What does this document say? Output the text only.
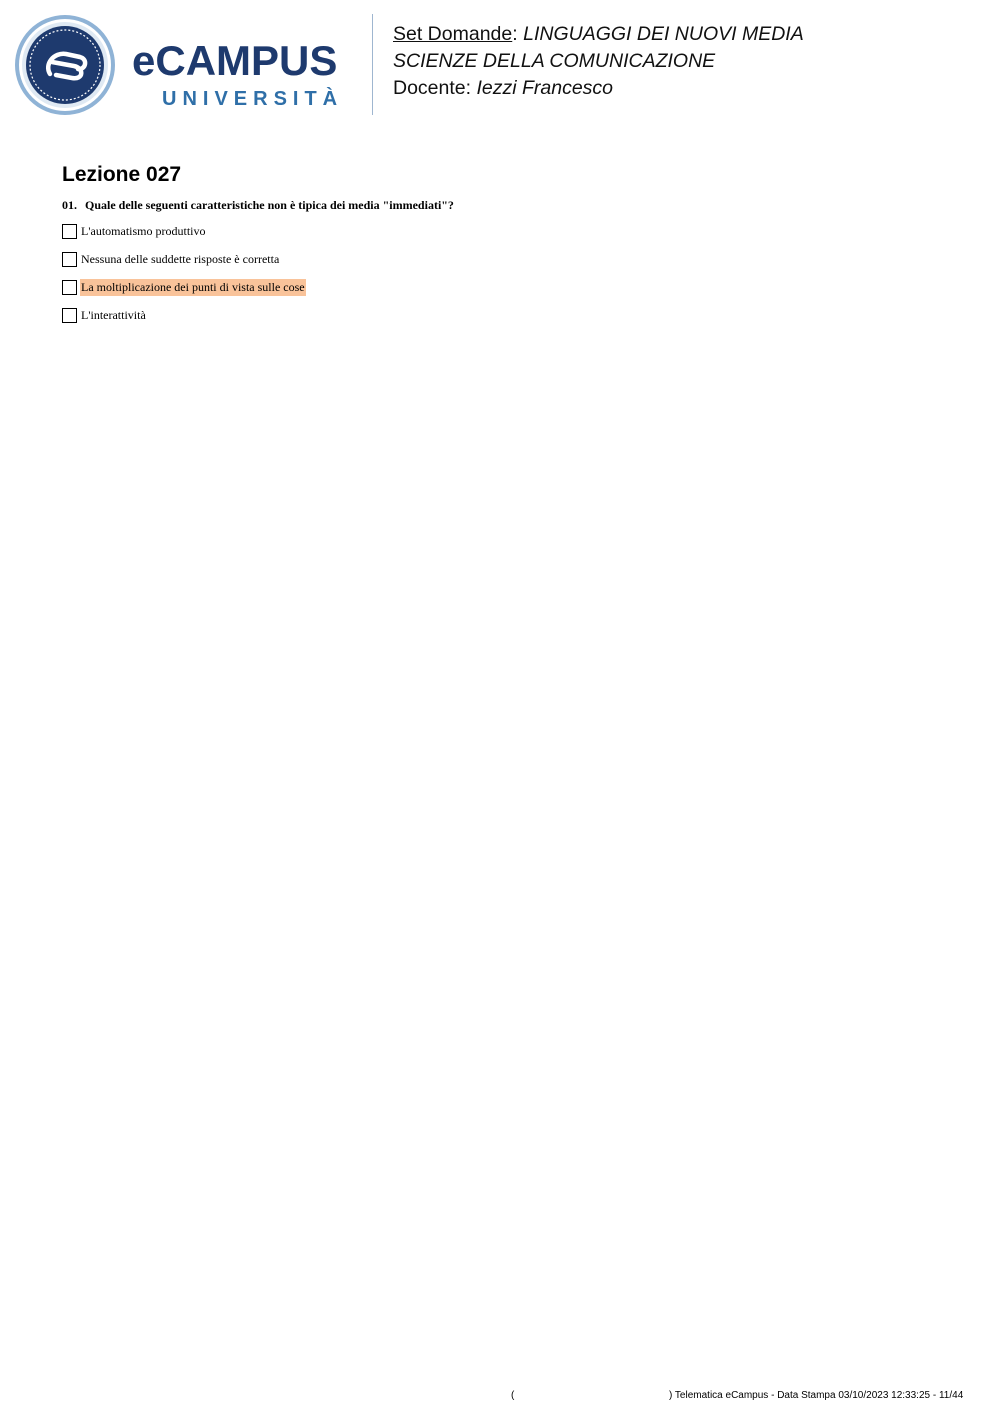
eCAMPUS
UNIVERSITÀ
Set Domande: LINGUAGGI DEI NUOVI MEDIA
SCIENZE DELLA COMUNICAZIONE
Docente: Iezzi Francesco
Lezione 027
01. Quale delle seguenti caratteristiche non è tipica dei media "immediati"?
L'automatismo produttivo
Nessuna delle suddette risposte è corretta
La moltiplicazione dei punti di vista sulle cose
L'interattività
(	) Telematica eCampus - Data Stampa 03/10/2023 12:33:25 - 11/44
